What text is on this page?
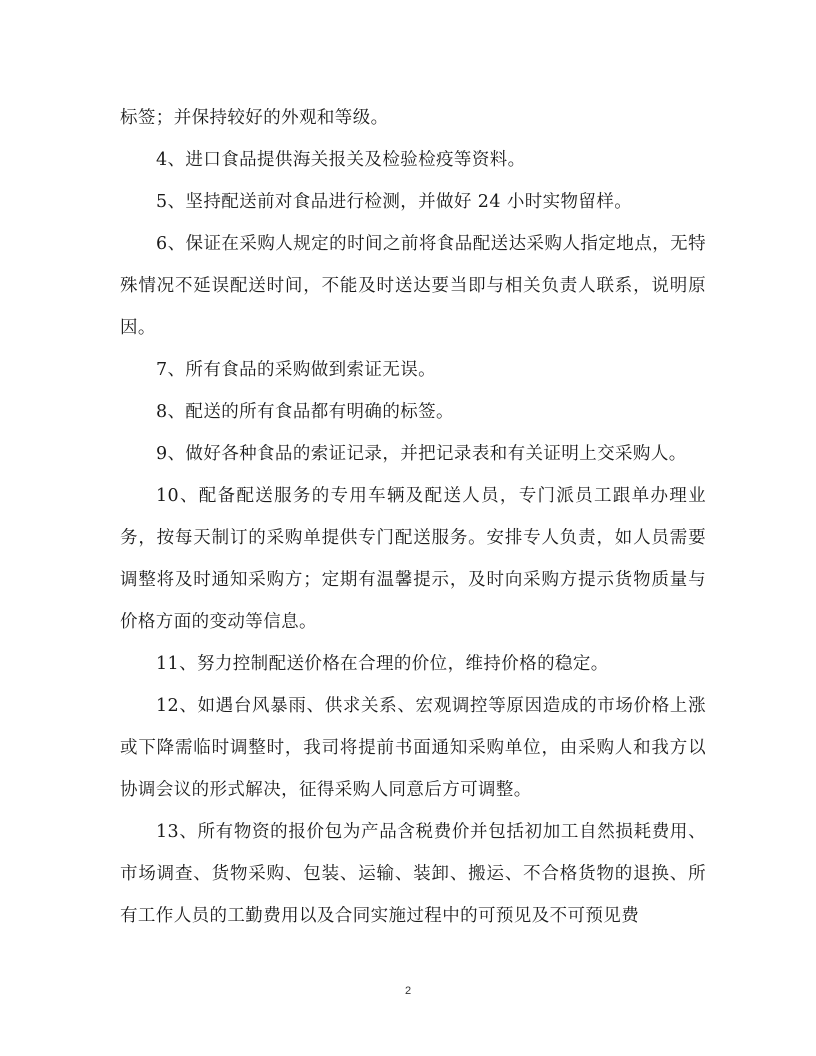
标签；并保持较好的外观和等级。

4、进口食品提供海关报关及检验检疫等资料。

5、坚持配送前对食品进行检测，并做好 24 小时实物留样。

6、保证在采购人规定的时间之前将食品配送达采购人指定地点，无特殊情况不延误配送时间，不能及时送达要当即与相关负责人联系，说明原因。

7、所有食品的采购做到索证无误。

8、配送的所有食品都有明确的标签。

9、做好各种食品的索证记录，并把记录表和有关证明上交采购人。

10、配备配送服务的专用车辆及配送人员，专门派员工跟单办理业务，按每天制订的采购单提供专门配送服务。安排专人负责，如人员需要调整将及时通知采购方；定期有温馨提示，及时向采购方提示货物质量与价格方面的变动等信息。

11、努力控制配送价格在合理的价位，维持价格的稳定。

12、如遇台风暴雨、供求关系、宏观调控等原因造成的市场价格上涨或下降需临时调整时，我司将提前书面通知采购单位，由采购人和我方以协调会议的形式解决，征得采购人同意后方可调整。

13、所有物资的报价包为产品含税费价并包括初加工自然损耗费用、市场调查、货物采购、包装、运输、装卸、搬运、不合格货物的退换、所有工作人员的工勤费用以及合同实施过程中的可预见及不可预见费

2
